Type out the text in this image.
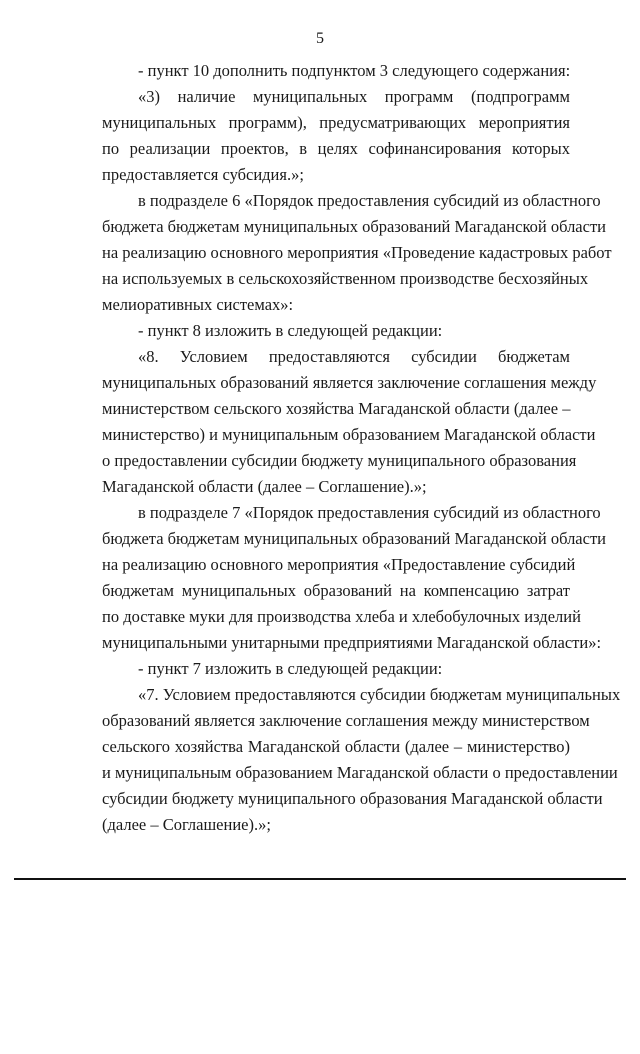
5
- пункт 10 дополнить подпунктом 3 следующего содержания:
«3) наличие муниципальных программ (подпрограмм
муниципальных программ), предусматривающих мероприятия
по реализации проектов, в целях софинансирования которых
предоставляется субсидия.»;
в подразделе 6 «Порядок предоставления субсидий из областного
бюджета бюджетам муниципальных образований Магаданской области
на реализацию основного мероприятия «Проведение кадастровых работ
на используемых в сельскохозяйственном производстве бесхозяйных
мелиоративных системах»:
- пункт 8 изложить в следующей редакции:
«8. Условием предоставляются субсидии бюджетам
муниципальных образований является заключение соглашения между
министерством сельского хозяйства Магаданской области (далее –
министерство) и муниципальным образованием Магаданской области
о предоставлении субсидии бюджету муниципального образования
Магаданской области (далее – Соглашение).»;
в подразделе 7 «Порядок предоставления субсидий из областного
бюджета бюджетам муниципальных образований Магаданской области
на реализацию основного мероприятия «Предоставление субсидий
бюджетам муниципальных образований на компенсацию затрат
по доставке муки для производства хлеба и хлебобулочных изделий
муниципальными унитарными предприятиями Магаданской области»:
- пункт 7 изложить в следующей редакции:
«7. Условием предоставляются субсидии бюджетам муниципальных
образований является заключение соглашения между министерством
сельского хозяйства Магаданской области (далее – министерство)
и муниципальным образованием Магаданской области о предоставлении
субсидии бюджету муниципального образования Магаданской области
(далее – Соглашение).»;
